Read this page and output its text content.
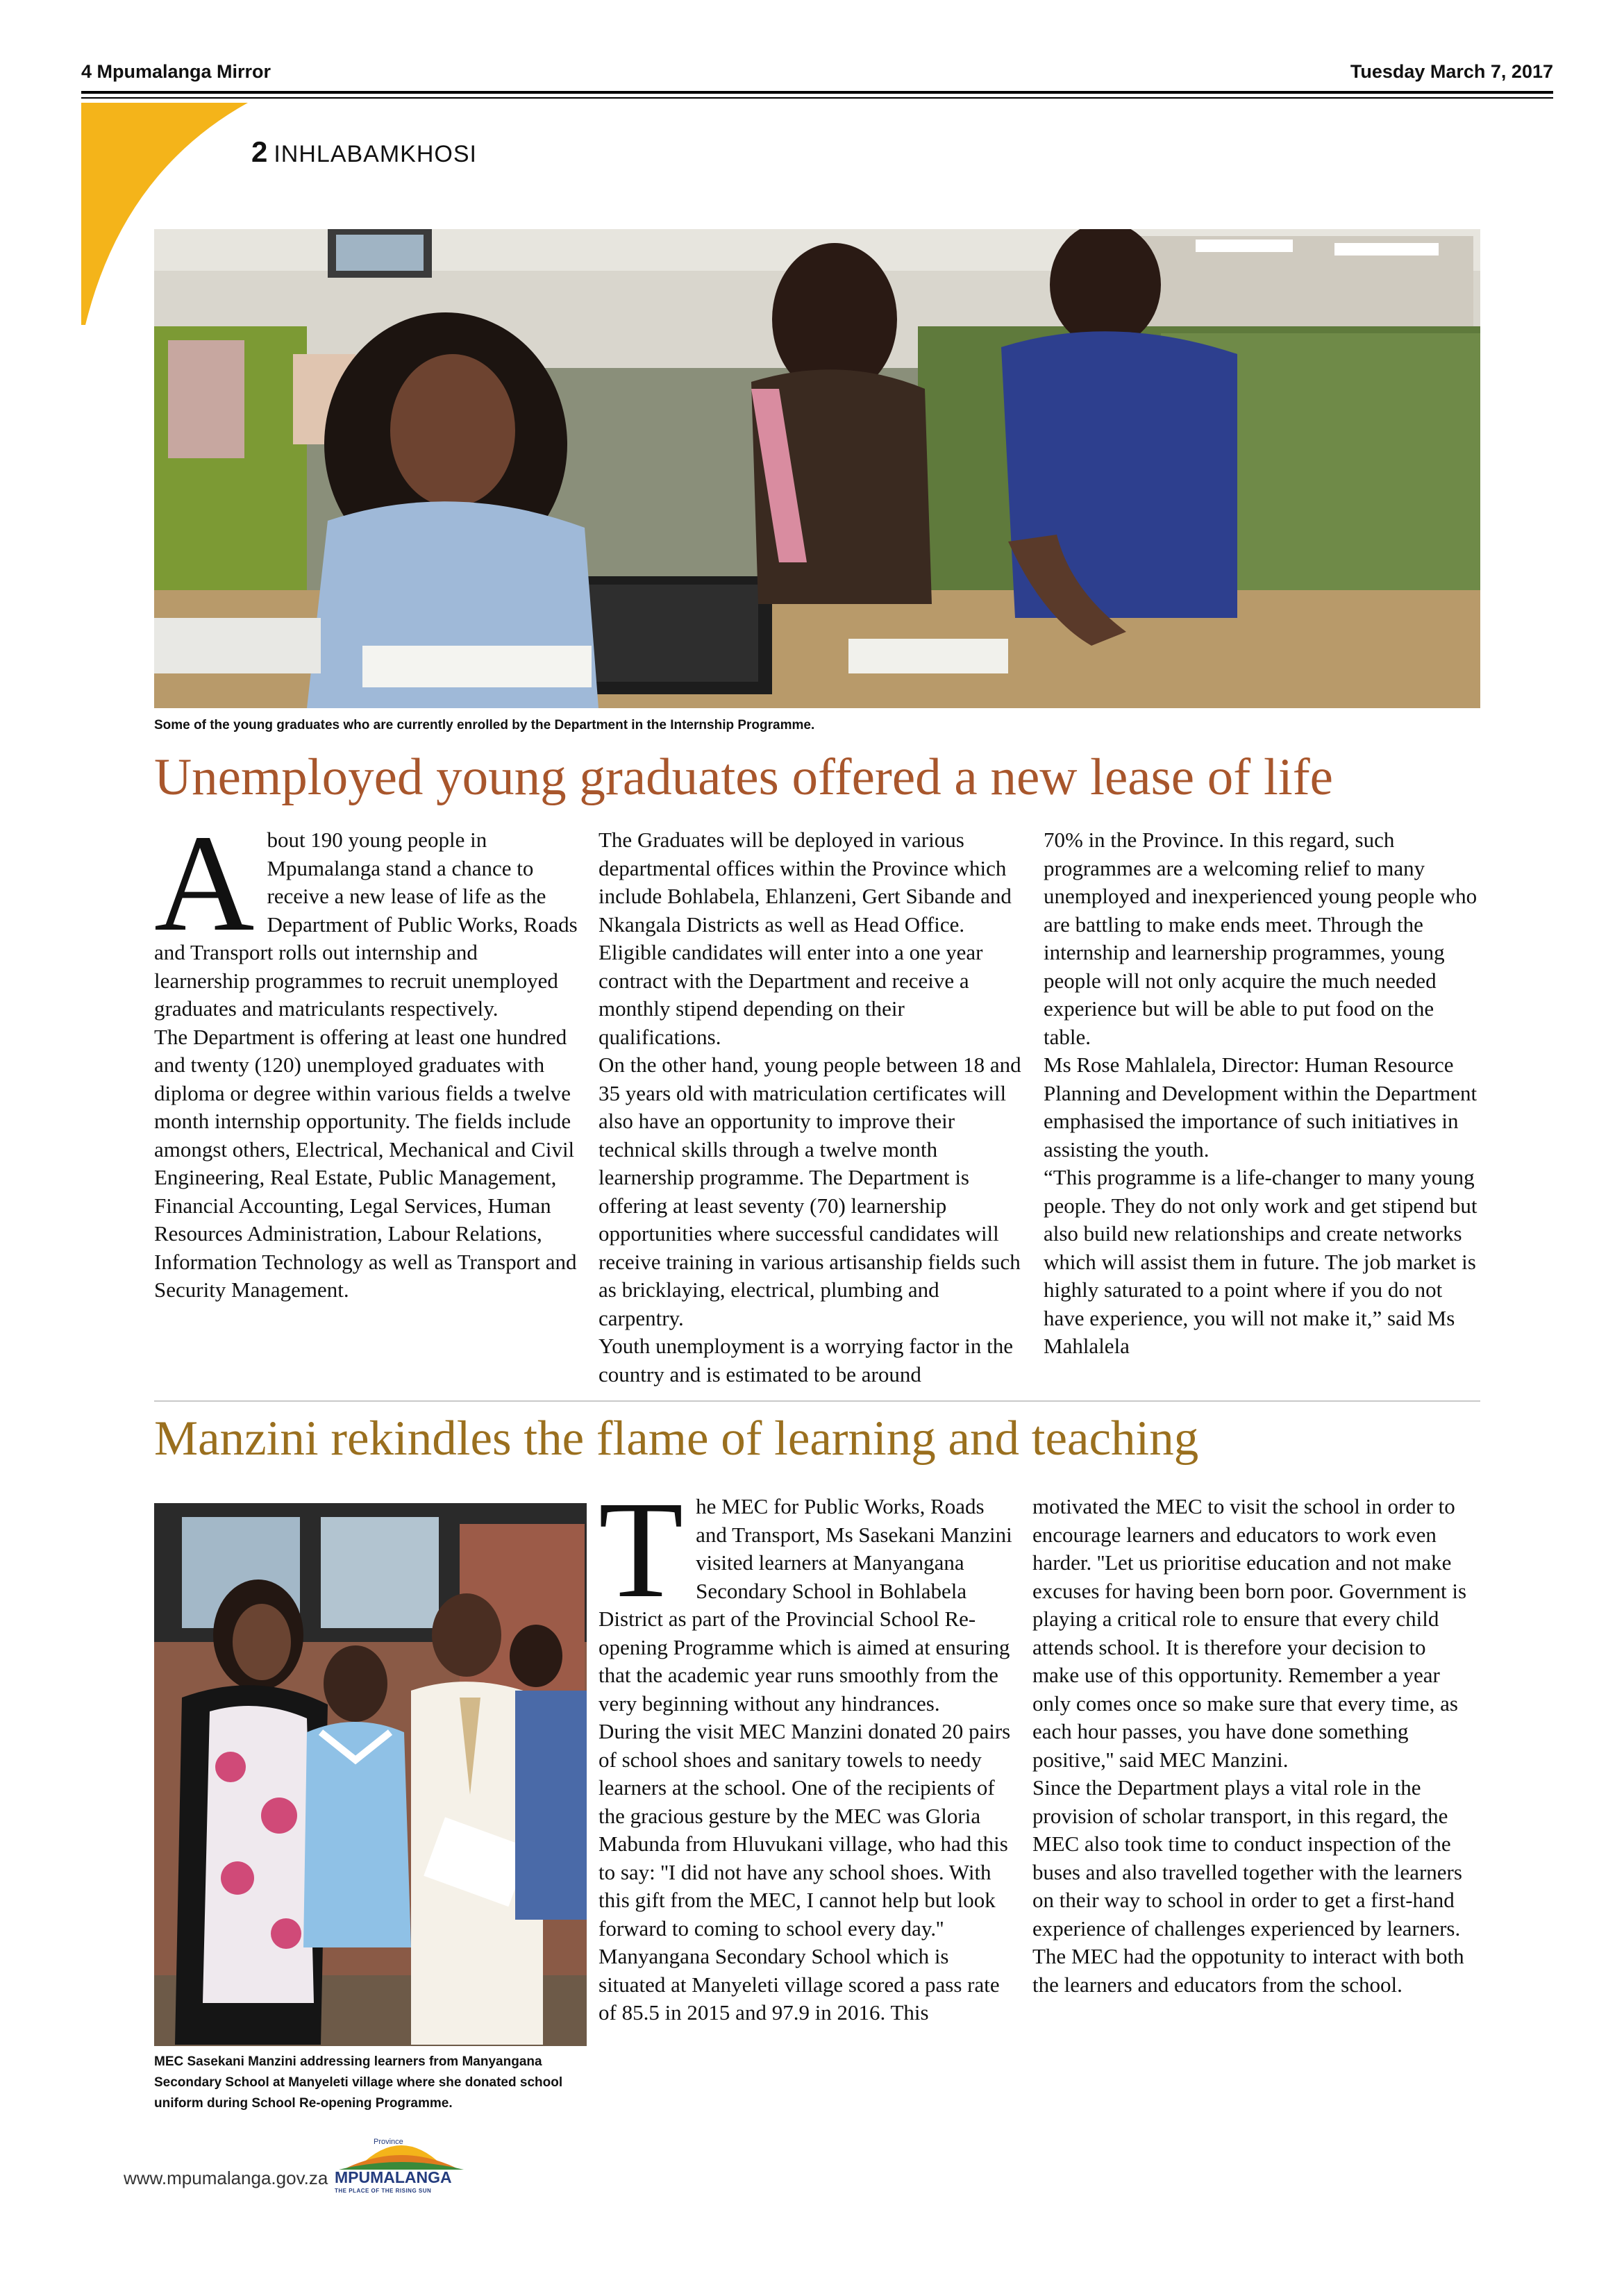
4 Mpumalanga Mirror	Tuesday March 7, 2017
2 INHLABAMKHOSI
Some of the young graduates who are currently enrolled by the Department in the Internship Programme.
Unemployed young graduates offered a new lease of life
A bout 190 young people in Mpumalanga stand a chance to receive a new lease of life as the Department of Public Works, Roads and Transport rolls out internship and learnership programmes to recruit unemployed graduates and matriculants respectively.

The Department is offering at least one hundred and twenty (120) unemployed graduates with diploma or degree within various fields a twelve month internship opportunity. The fields include amongst others, Electrical, Mechanical and Civil Engineering, Real Estate, Public Management, Financial Accounting, Legal Services, Human Resources Administration, Labour Relations, Information Technology as well as Transport and Security Management.

The Graduates will be deployed in various departmental offices within the Province which include Bohlabela, Ehlanzeni, Gert Sibande and Nkangala Districts as well as Head Office. Eligible candidates will enter into a one year contract with the Department and receive a monthly stipend depending on their qualifications.

On the other hand, young people between 18 and 35 years old with matriculation certificates will also have an opportunity to improve their technical skills through a twelve month learnership programme. The Department is offering at least seventy (70) learnership opportunities where successful candidates will receive training in various artisanship fields such as bricklaying, electrical, plumbing and carpentry.

Youth unemployment is a worrying factor in the country and is estimated to be around

70% in the Province. In this regard, such programmes are a welcoming relief to many unemployed and inexperienced young people who are battling to make ends meet. Through the internship and learnership programmes, young people will not only acquire the much needed experience but will be able to put food on the table.

Ms Rose Mahlalela, Director: Human Resource Planning and Development within the Department emphasised the importance of such initiatives in assisting the youth.

“This programme is a life-changer to many young people. They do not only work and get stipend but also build new relationships and create networks which will assist them in future. The job market is highly saturated to a point where if you do not have experience, you will not make it,” said Ms Mahlalela

Manzini rekindles the flame of learning and teaching
MEC Sasekani Manzini addressing learners from Manyangana Secondary School at Manyeleti village where she donated school uniform during School Re-opening Programme.
T he MEC for Public Works, Roads and Transport, Ms Sasekani Manzini visited learners at Manyangana Secondary School in Bohlabela District as part of the Provincial School Re-opening Programme which is aimed at ensuring that the academic year runs smoothly from the very beginning without any hindrances.

During the visit MEC Manzini donated 20 pairs of school shoes and sanitary towels to needy learners at the school. One of the recipients of the gracious gesture by the MEC was Gloria Mabunda from Hluvukani village, who had this to say: ''I did not have any school shoes. With this gift from the MEC, I cannot help but look forward to coming to school every day.''

Manyangana Secondary School which is situated at Manyeleti village scored a pass rate of 85.5 in 2015 and 97.9 in 2016. This

motivated the MEC to visit the school in order to encourage learners and educators to work even harder. ''Let us prioritise education and not make excuses for having been born poor. Government is playing a critical role to ensure that every child attends school. It is therefore your decision to make use of this opportunity. Remember a year only comes once so make sure that every time, as each hour passes, you have done something positive,'' said MEC Manzini.

Since the Department plays a vital role in the provision of scholar transport, in this regard, the MEC also took time to conduct inspection of the buses and also travelled together with the learners on their way to school in order to get a first-hand experience of challenges experienced by learners. The MEC had the oppotunity to interact with both the learners and educators from the school.

www.mpumalanga.gov.za
Province
MPUMALANGA
THE PLACE OF THE RISING SUN
